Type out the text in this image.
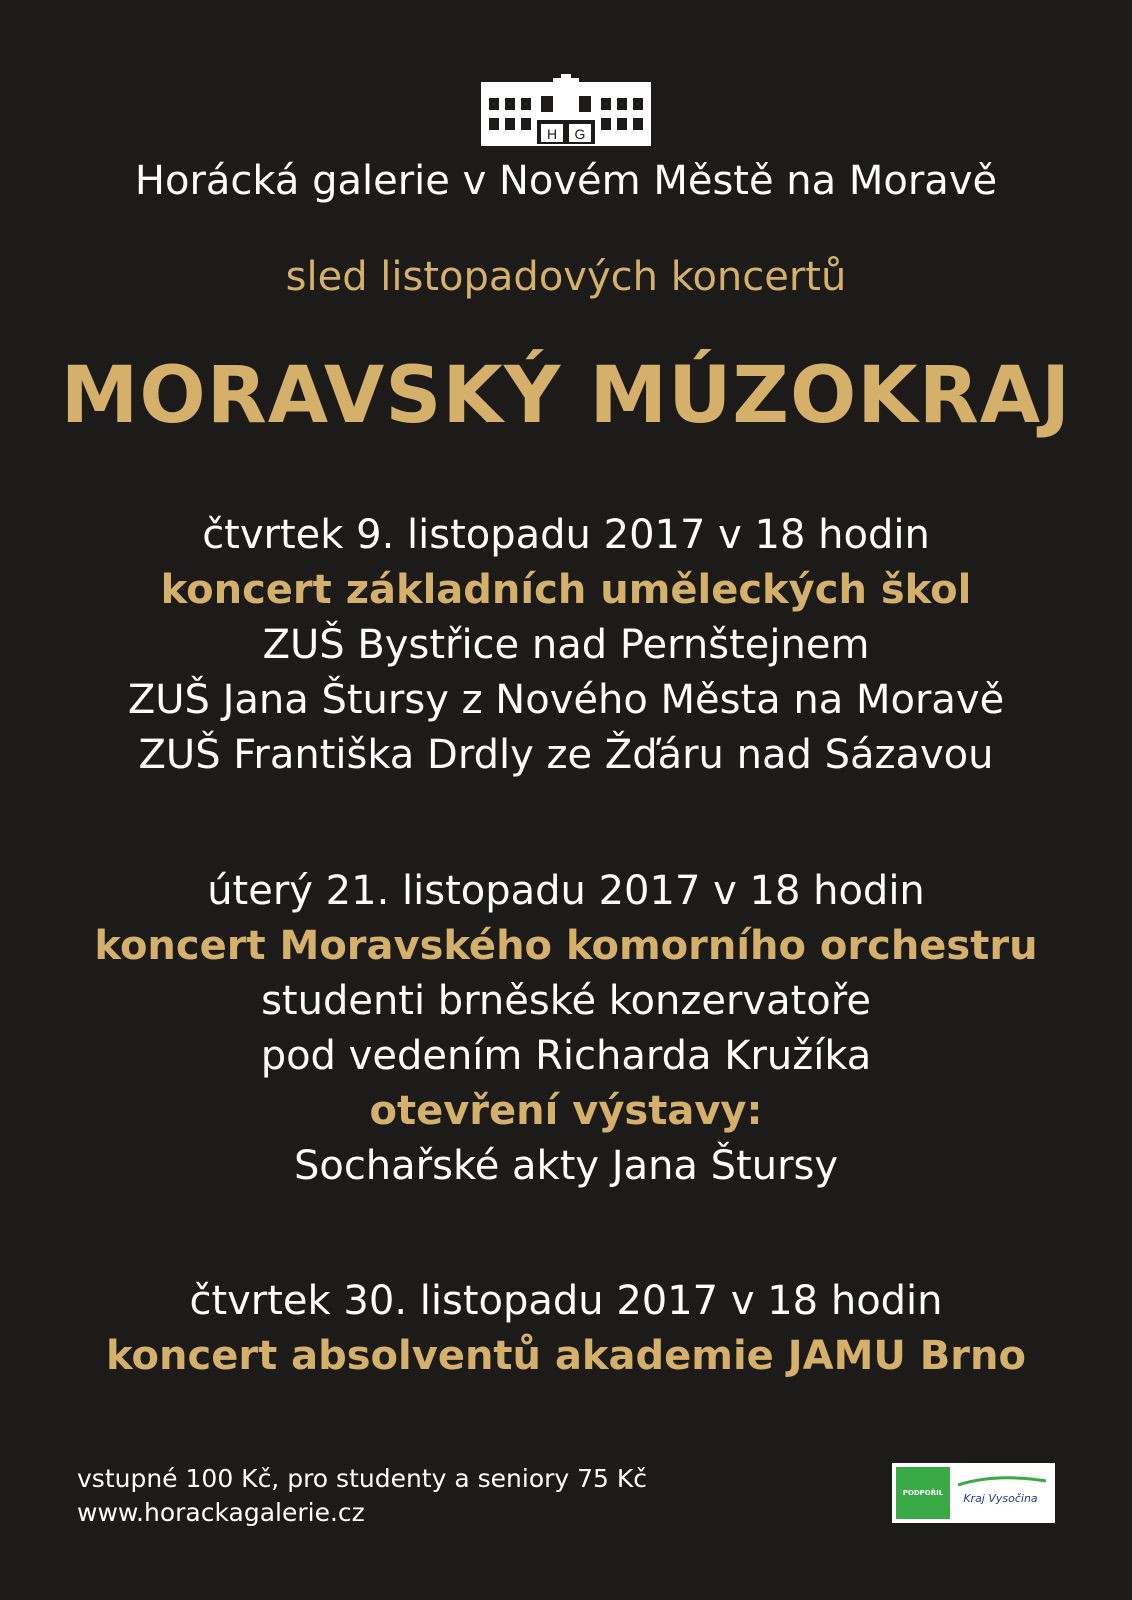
H G
Horácká galerie v Novém Městě na Moravě
sled listopadových koncertů
MORAVSKÝ MÚZOKRAJ
čtvrtek 9. listopadu 2017 v 18 hodin
koncert základních uměleckých škol
ZUŠ Bystřice nad Pernštejnem
ZUŠ Jana Štursy z Nového Města na Moravě
ZUŠ Františka Drdly ze Žďáru nad Sázavou
úterý 21. listopadu 2017 v 18 hodin
koncert Moravského komorního orchestru
studenti brněské konzervatoře
pod vedením Richarda Kružíka
otevření výstavy:
Sochařské akty Jana Štursy
čtvrtek 30. listopadu 2017 v 18 hodin
koncert absolventů akademie JAMU Brno
vstupné 100 Kč, pro studenty a seniory 75 Kč
www.horackagalerie.cz
PODPOŘIL	Kraj Vysočina
